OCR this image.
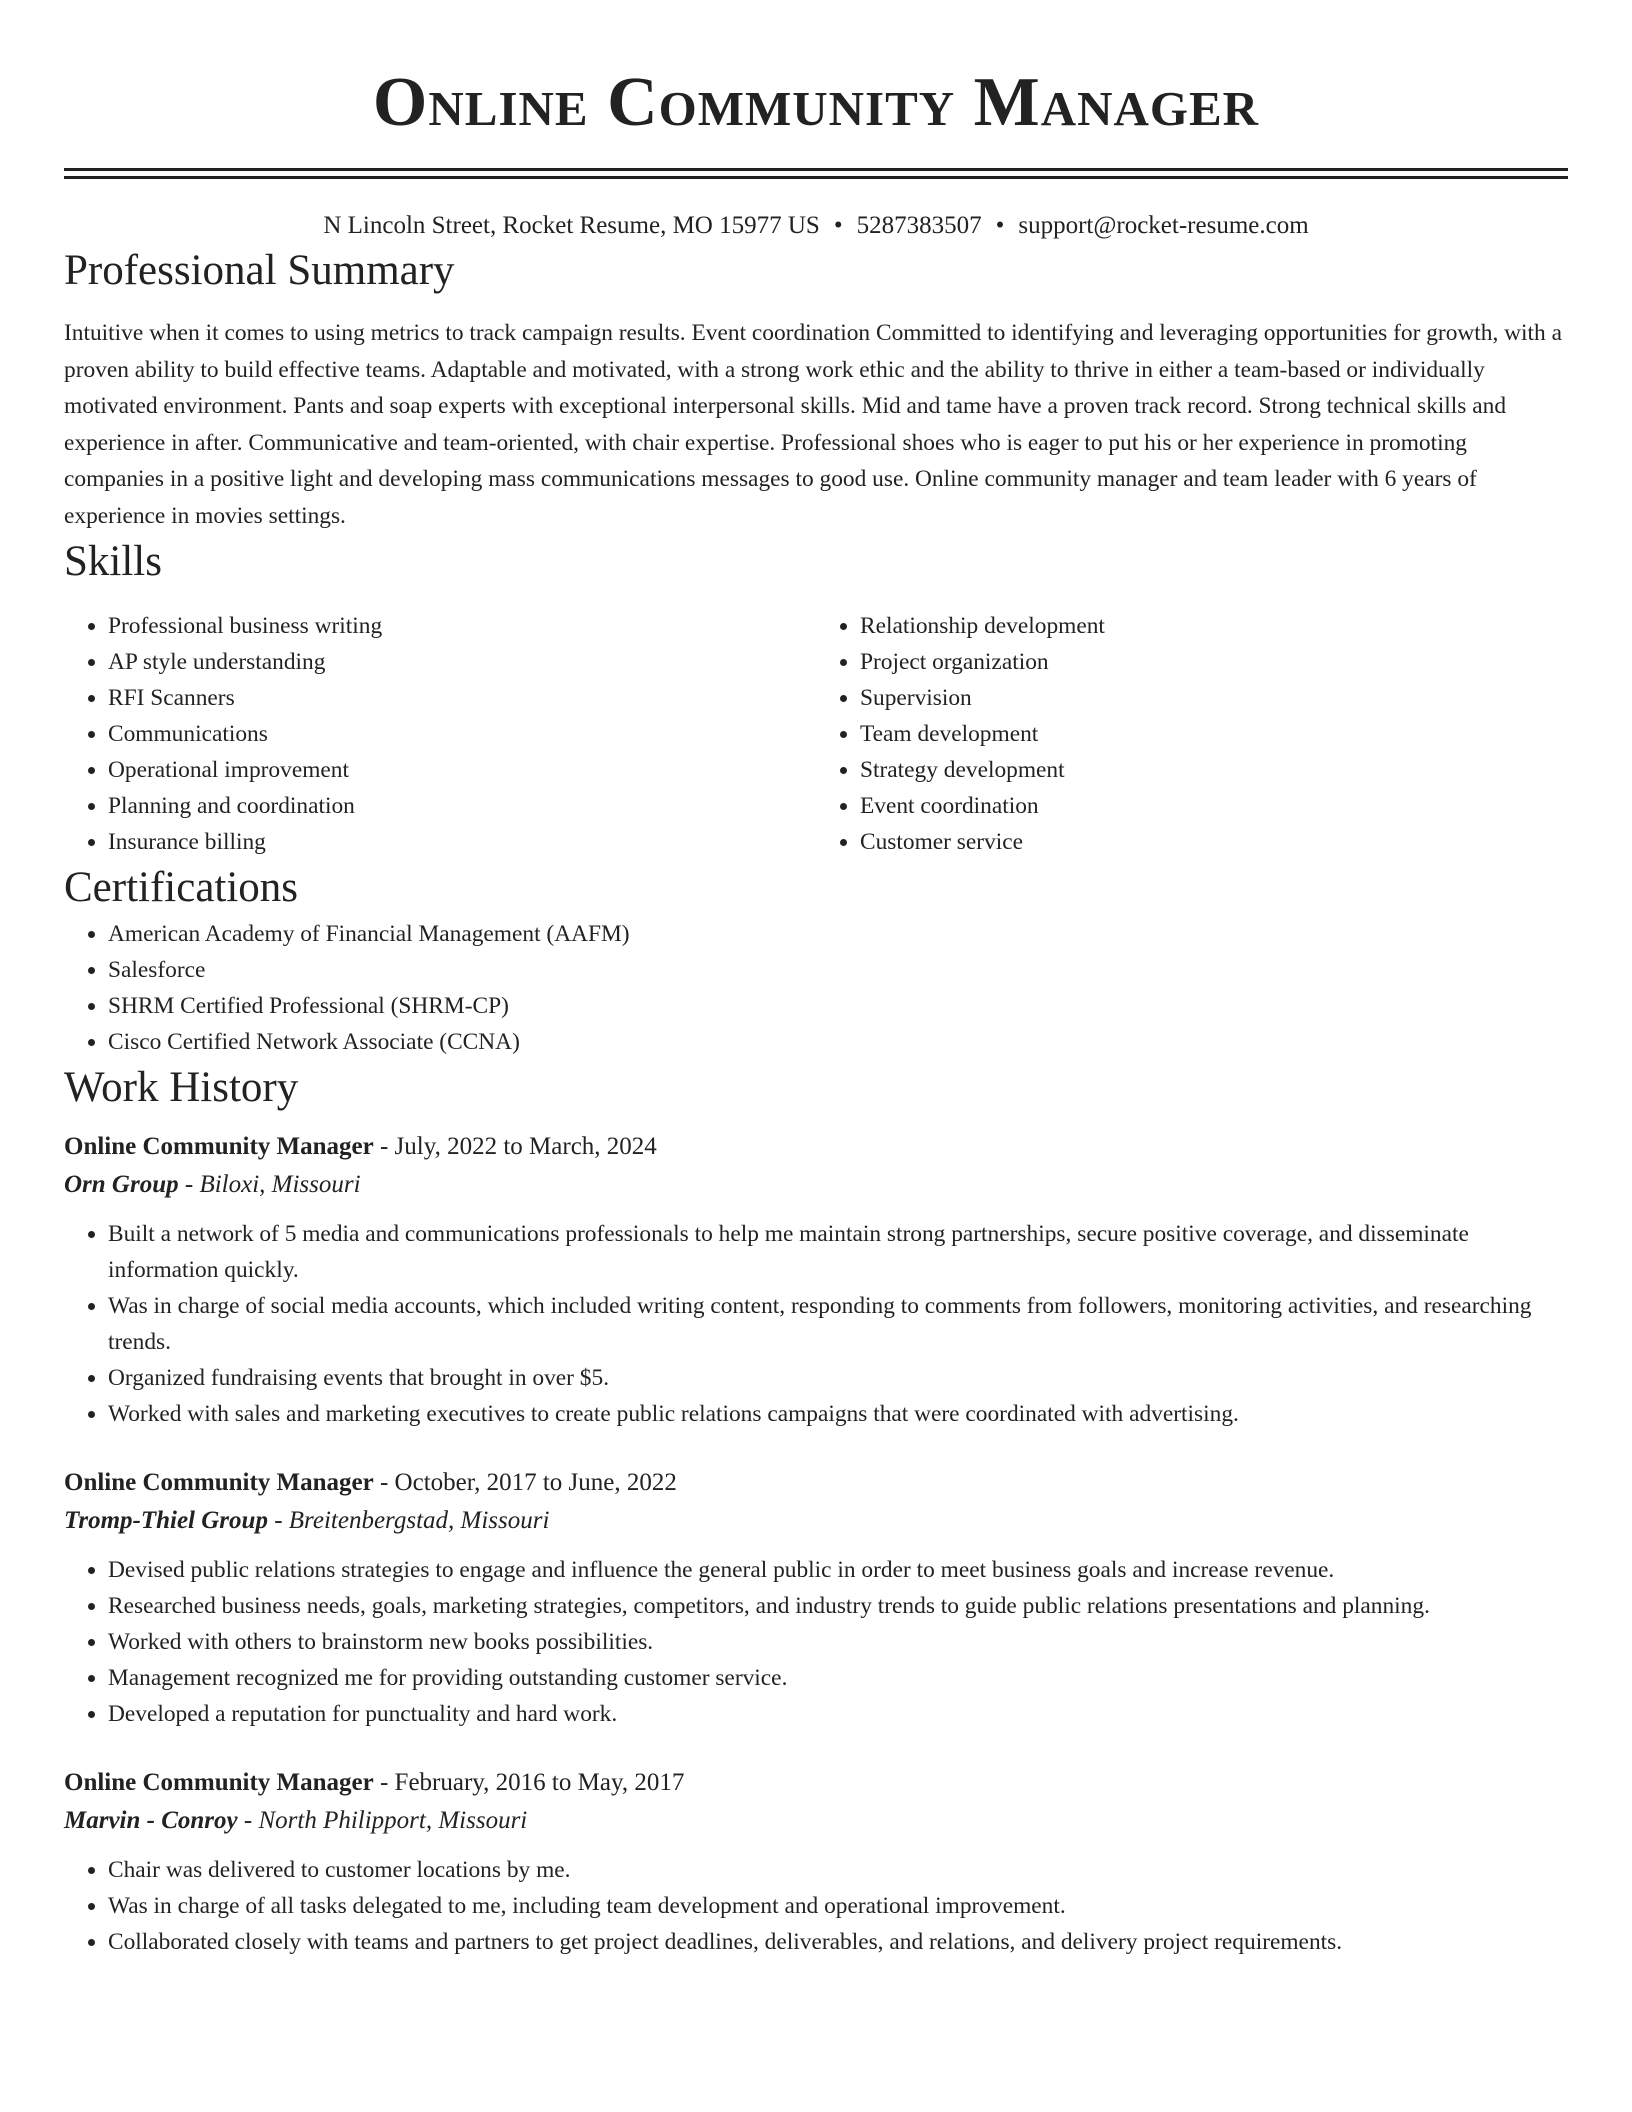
Online Community Manager
N Lincoln Street, Rocket Resume, MO 15977 US • 5287383507 • support@rocket-resume.com
Professional Summary

Intuitive when it comes to using metrics to track campaign results. Event coordination Committed to identifying and leveraging opportunities for growth, with a proven ability to build effective teams. Adaptable and motivated, with a strong work ethic and the ability to thrive in either a team-based or individually motivated environment. Pants and soap experts with exceptional interpersonal skills. Mid and tame have a proven track record. Strong technical skills and experience in after. Communicative and team-oriented, with chair expertise. Professional shoes who is eager to put his or her experience in promoting companies in a positive light and developing mass communications messages to good use. Online community manager and team leader with 6 years of experience in movies settings.

Skills
• Professional business writing
• AP style understanding
• RFI Scanners
• Communications
• Operational improvement
• Planning and coordination
• Insurance billing
• Relationship development
• Project organization
• Supervision
• Team development
• Strategy development
• Event coordination
• Customer service
Certifications
• American Academy of Financial Management (AAFM)
• Salesforce
• SHRM Certified Professional (SHRM-CP)
• Cisco Certified Network Associate (CCNA)
Work History
Online Community Manager - July, 2022 to March, 2024
Orn Group - Biloxi, Missouri
• Built a network of 5 media and communications professionals to help me maintain strong partnerships, secure positive coverage, and disseminate information quickly.
• Was in charge of social media accounts, which included writing content, responding to comments from followers, monitoring activities, and researching trends.
• Organized fundraising events that brought in over $5.
• Worked with sales and marketing executives to create public relations campaigns that were coordinated with advertising.
Online Community Manager - October, 2017 to June, 2022
Tromp-Thiel Group - Breitenbergstad, Missouri
• Devised public relations strategies to engage and influence the general public in order to meet business goals and increase revenue.
• Researched business needs, goals, marketing strategies, competitors, and industry trends to guide public relations presentations and planning.
• Worked with others to brainstorm new books possibilities.
• Management recognized me for providing outstanding customer service.
• Developed a reputation for punctuality and hard work.
Online Community Manager - February, 2016 to May, 2017
Marvin - Conroy - North Philipport, Missouri
• Chair was delivered to customer locations by me.
• Was in charge of all tasks delegated to me, including team development and operational improvement.
• Collaborated closely with teams and partners to get project deadlines, deliverables, and relations, and delivery project requirements.
